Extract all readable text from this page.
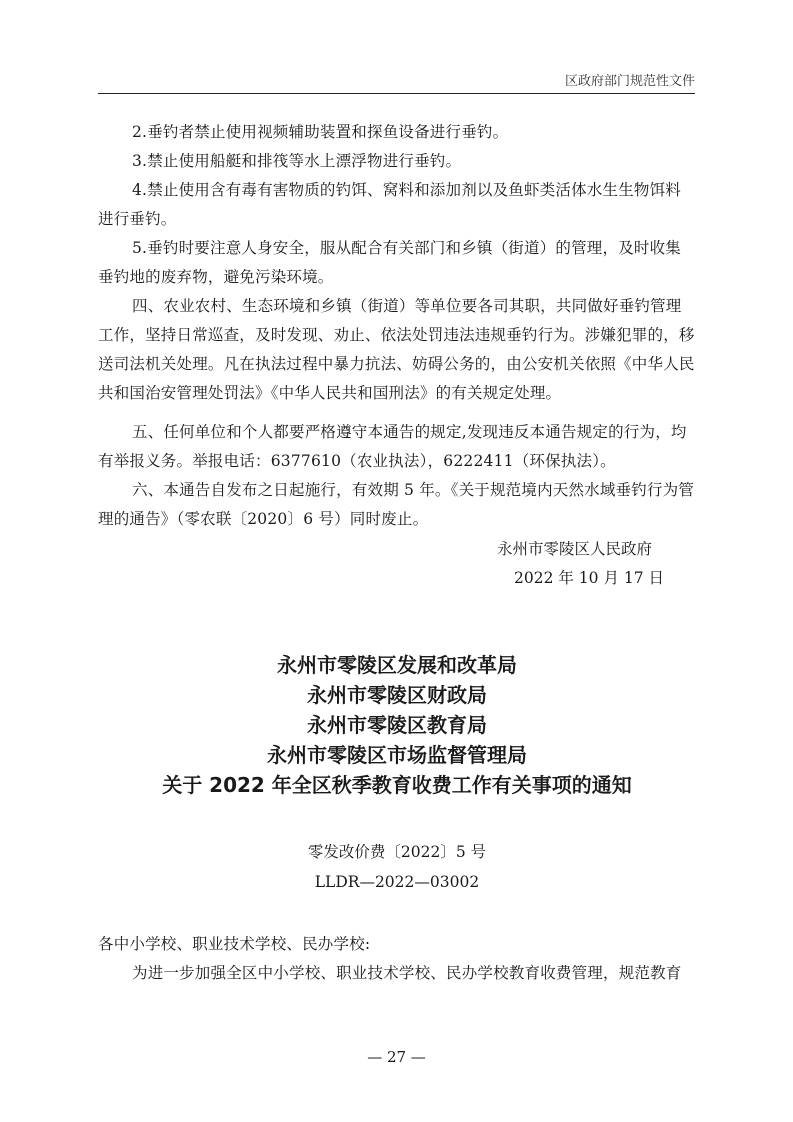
区政府部门规范性文件

2.垂钓者禁止使用视频辅助装置和探鱼设备进行垂钓。

3.禁止使用船艇和排筏等水上漂浮物进行垂钓。

4.禁止使用含有毒有害物质的钓饵、窝料和添加剂以及鱼虾类活体水生生物饵料进行垂钓。

5.垂钓时要注意人身安全，服从配合有关部门和乡镇（街道）的管理，及时收集垂钓地的废弃物，避免污染环境。

四、农业农村、生态环境和乡镇（街道）等单位要各司其职，共同做好垂钓管理工作，坚持日常巡查，及时发现、劝止、依法处罚违法违规垂钓行为。涉嫌犯罪的，移送司法机关处理。凡在执法过程中暴力抗法、妨碍公务的，由公安机关依照《中华人民共和国治安管理处罚法》《中华人民共和国刑法》的有关规定处理。

五、任何单位和个人都要严格遵守本通告的规定,发现违反本通告规定的行为，均有举报义务。举报电话：6377610（农业执法），6222411（环保执法）。

六、本通告自发布之日起施行，有效期 5 年。《关于规范境内天然水域垂钓行为管理的通告》（零农联〔2020〕6 号）同时废止。

永州市零陵区人民政府
2022 年 10 月 17 日
永州市零陵区发展和改革局
永州市零陵区财政局
永州市零陵区教育局
永州市零陵区市场监督管理局
关于 2022 年全区秋季教育收费工作有关事项的通知
零发改价费〔2022〕5 号
LLDR—2022—03002

各中小学校、职业技术学校、民办学校:

为进一步加强全区中小学校、职业技术学校、民办学校教育收费管理，规范教育

— 27 —
